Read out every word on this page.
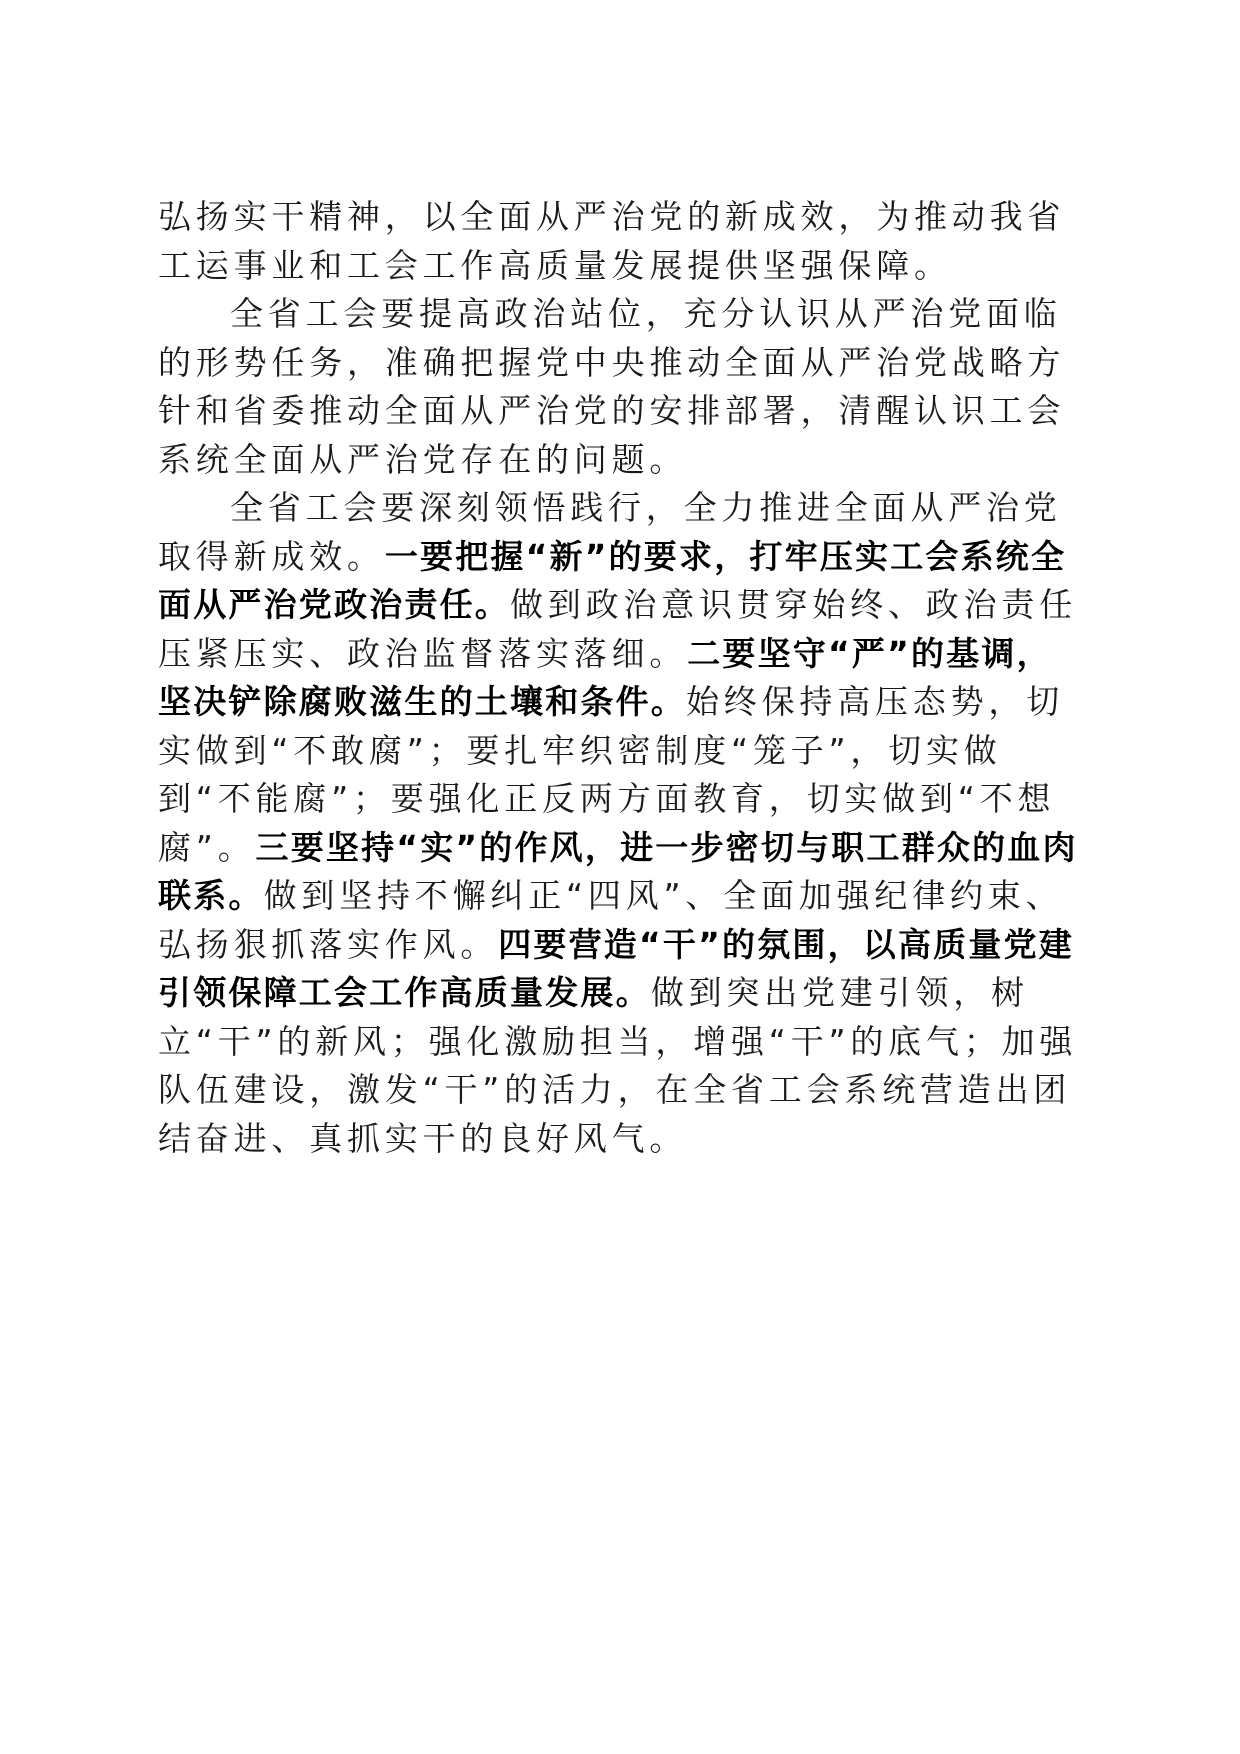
弘扬实干精神，以全面从严治党的新成效，为推动我省工运事业和工会工作高质量发展提供坚强保障。

全省工会要提高政治站位，充分认识从严治党面临的形势任务，准确把握党中央推动全面从严治党战略方针和省委推动全面从严治党的安排部署，清醒认识工会系统全面从严治党存在的问题。

全省工会要深刻领悟践行，全力推进全面从严治党取得新成效。一要把握“新”的要求，打牢压实工会系统全面从严治党政治责任。做到政治意识贯穿始终、政治责任压紧压实、政治监督落实落细。二要坚守“严”的基调，坚决铲除腐败滋生的土壤和条件。始终保持高压态势，切实做到“不敢腐”；要扎牢织密制度“笼子”，切实做到“不能腐”；要强化正反两方面教育，切实做到“不想腐”。三要坚持“实”的作风，进一步密切与职工群众的血肉联系。做到坚持不懈纠正“四风”、全面加强纪律约束、弘扬狠抓落实作风。四要营造“干”的氛围，以高质量党建引领保障工会工作高质量发展。做到突出党建引领，树立“干”的新风；强化激励担当，增强“干”的底气；加强队伍建设，激发“干”的活力，在全省工会系统营造出团结奋进、真抓实干的良好风气。
